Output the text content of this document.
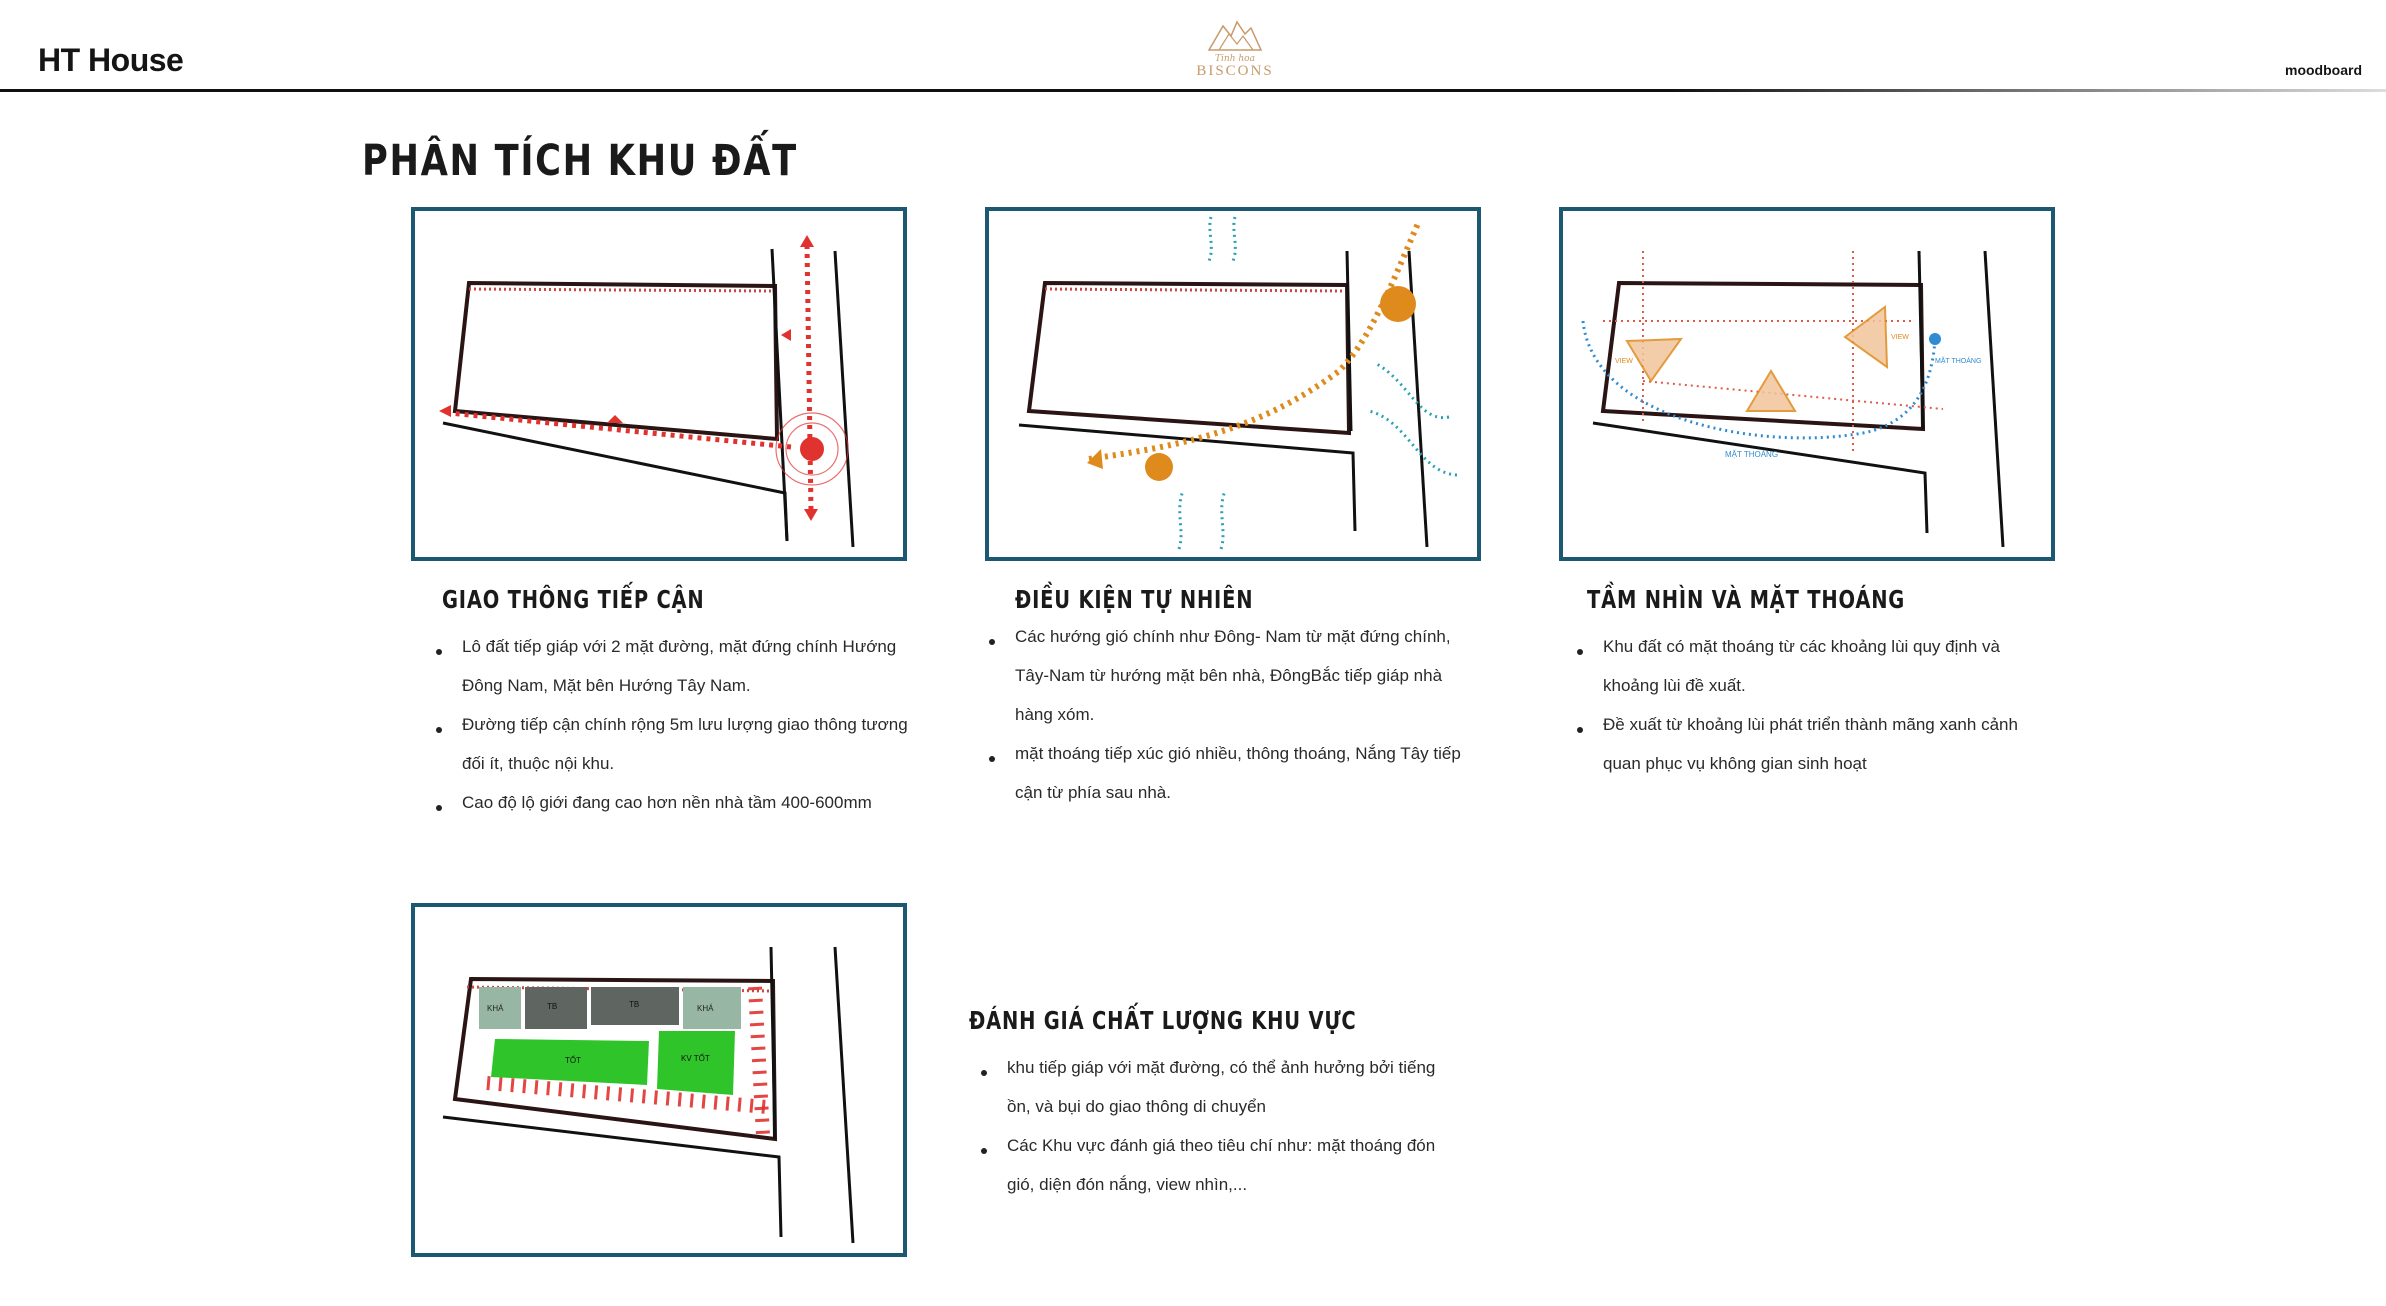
HT House	Tinh hoa
BISCONS	moodboard
PHÂN TÍCH KHU ĐẤT
VIEW
VIEW
MẶT THOÁNG
MẶT THOÁNG
KHÁ	TB	TB	KHÁ
TỐT	KV TỐT
GIAO THÔNG TIẾP CẬN
Lô đất tiếp giáp với 2 mặt đường, mặt đứng chính Hướng Đông Nam, Mặt bên Hướng Tây Nam.
Đường tiếp cận chính rộng 5m lưu lượng giao thông tương đối ít, thuộc nội khu.
Cao độ lộ giới đang cao hơn nền nhà tầm 400-600mm
ĐIỀU KIỆN TỰ NHIÊN
Các hướng gió chính như Đông- Nam từ mặt đứng chính, Tây-Nam từ hướng mặt bên nhà, ĐôngBắc tiếp giáp nhà hàng xóm.
mặt thoáng tiếp xúc gió nhiều, thông thoáng, Nắng Tây tiếp cận từ phía sau nhà.
TẦM NHÌN VÀ MẶT THOÁNG
Khu đất có mặt thoáng từ các khoảng lùi quy định và khoảng lùi đề xuất.
Đề xuất từ khoảng lùi phát triển thành mãng xanh cảnh quan phục vụ không gian sinh hoạt
ĐÁNH GIÁ CHẤT LƯỢNG KHU VỰC
khu tiếp giáp với mặt đường, có thể ảnh hưởng bởi tiếng ồn, và bụi do giao thông di chuyển
Các Khu vực đánh giá theo tiêu chí như: mặt thoáng đón gió, diện đón nắng, view nhìn,...
